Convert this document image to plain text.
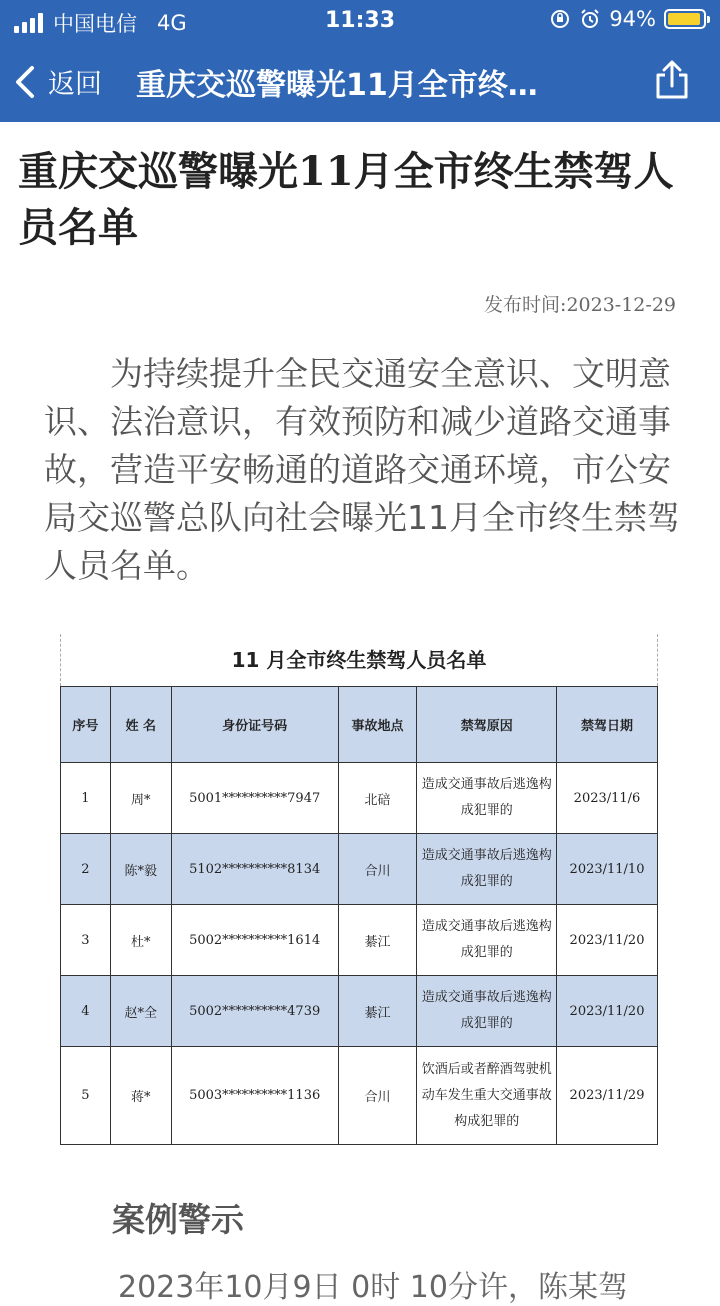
中国电信 4G	11:33	94%
返回 重庆交巡警曝光11月全市终…
重庆交巡警曝光11月全市终生禁驾人员名单
发布时间:2023-12-29

为持续提升全民交通安全意识、文明意识、法治意识，有效预防和减少道路交通事故，营造平安畅通的道路交通环境，市公安局交巡警总队向社会曝光11月全市终生禁驾人员名单。

11 月全市终生禁驾人员名单
序号	姓 名	身份证号码	事故地点	禁驾原因	禁驾日期
1	周*	5001**********7947	北碚	造成交通事故后逃逸构成犯罪的	2023/11/6
2	陈*毅	5102**********8134	合川	造成交通事故后逃逸构成犯罪的	2023/11/10
3	杜*	5002**********1614	綦江	造成交通事故后逃逸构成犯罪的	2023/11/20
4	赵*全	5002**********4739	綦江	造成交通事故后逃逸构成犯罪的	2023/11/20
5	蒋*	5003**********1136	合川	饮酒后或者醉酒驾驶机动车发生重大交通事故构成犯罪的	2023/11/29
案例警示
2023年10月9日 0时 10分许，陈某驾
